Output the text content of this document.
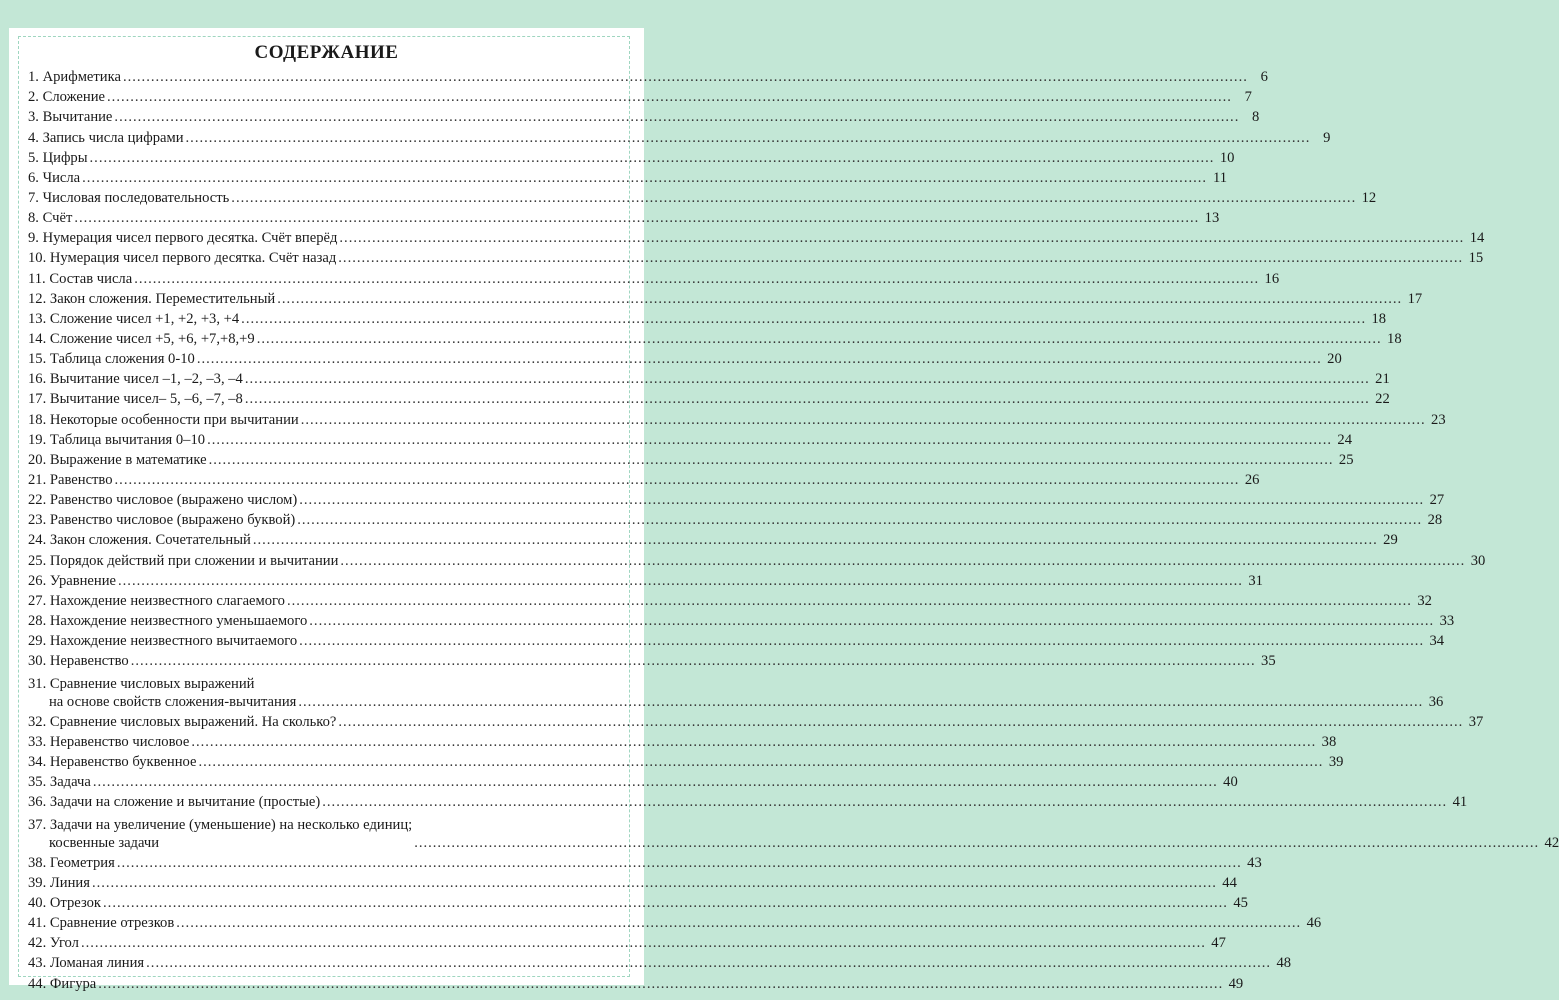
СОДЕРЖАНИЕ
1. Арифметика .................................................................................................................................................................................................................................................. 6
2. Сложение .................................................................................................................................................................................................................................................. 7
3. Вычитание .................................................................................................................................................................................................................................................. 8
4. Запись числа цифрами .................................................................................................................................................................................................................................................. 9
5. Цифры .................................................................................................................................................................................................................................................. 10
6. Числа .................................................................................................................................................................................................................................................. 11
7. Числовая последовательность .................................................................................................................................................................................................................................................. 12
8. Счёт .................................................................................................................................................................................................................................................. 13
9. Нумерация чисел первого десятка. Счёт вперёд .................................................................................................................................................................................................................................................. 14
10. Нумерация чисел первого десятка. Счёт назад .................................................................................................................................................................................................................................................. 15
11. Состав числа .................................................................................................................................................................................................................................................. 16
12. Закон сложения. Переместительный .................................................................................................................................................................................................................................................. 17
13. Сложение чисел +1, +2, +3, +4 .................................................................................................................................................................................................................................................. 18
14. Сложение чисел +5, +6, +7,+8,+9 .................................................................................................................................................................................................................................................. 18
15. Таблица сложения 0-10 .................................................................................................................................................................................................................................................. 20
16. Вычитание чисел –1, –2, –3, –4 .................................................................................................................................................................................................................................................. 21
17. Вычитание чисел– 5, –6, –7, –8 .................................................................................................................................................................................................................................................. 22
18. Некоторые особенности при вычитании .................................................................................................................................................................................................................................................. 23
19. Таблица вычитания 0–10 .................................................................................................................................................................................................................................................. 24
20. Выражение в математике .................................................................................................................................................................................................................................................. 25
21. Равенство .................................................................................................................................................................................................................................................. 26
22. Равенство числовое (выражено числом) .................................................................................................................................................................................................................................................. 27
23. Равенство числовое (выражено буквой) .................................................................................................................................................................................................................................................. 28
24. Закон сложения. Сочетательный .................................................................................................................................................................................................................................................. 29
25. Порядок действий при сложении и вычитании .................................................................................................................................................................................................................................................. 30
26. Уравнение .................................................................................................................................................................................................................................................. 31
27. Нахождение неизвестного слагаемого .................................................................................................................................................................................................................................................. 32
28. Нахождение неизвестного уменьшаемого .................................................................................................................................................................................................................................................. 33
29. Нахождение неизвестного вычитаемого .................................................................................................................................................................................................................................................. 34
30. Неравенство .................................................................................................................................................................................................................................................. 35
31. Сравнение числовых выражений
на основе свойств сложения-вычитания .................................................................................................................................................................................................................................................. 36
32. Сравнение числовых выражений. На сколько? .................................................................................................................................................................................................................................................. 37
33. Неравенство числовое .................................................................................................................................................................................................................................................. 38
34. Неравенство буквенное .................................................................................................................................................................................................................................................. 39
35. Задача .................................................................................................................................................................................................................................................. 40
36. Задачи на сложение и вычитание (простые) .................................................................................................................................................................................................................................................. 41
37. Задачи на увеличение (уменьшение) на несколько единиц;
косвенные задачи	.................................................................................................................................................................................................................................................. 42
38. Геометрия .................................................................................................................................................................................................................................................. 43
39. Линия .................................................................................................................................................................................................................................................. 44
40. Отрезок .................................................................................................................................................................................................................................................. 45
41. Сравнение отрезков .................................................................................................................................................................................................................................................. 46
42. Угол .................................................................................................................................................................................................................................................. 47
43. Ломаная линия .................................................................................................................................................................................................................................................. 48
44. Фигура .................................................................................................................................................................................................................................................. 49
